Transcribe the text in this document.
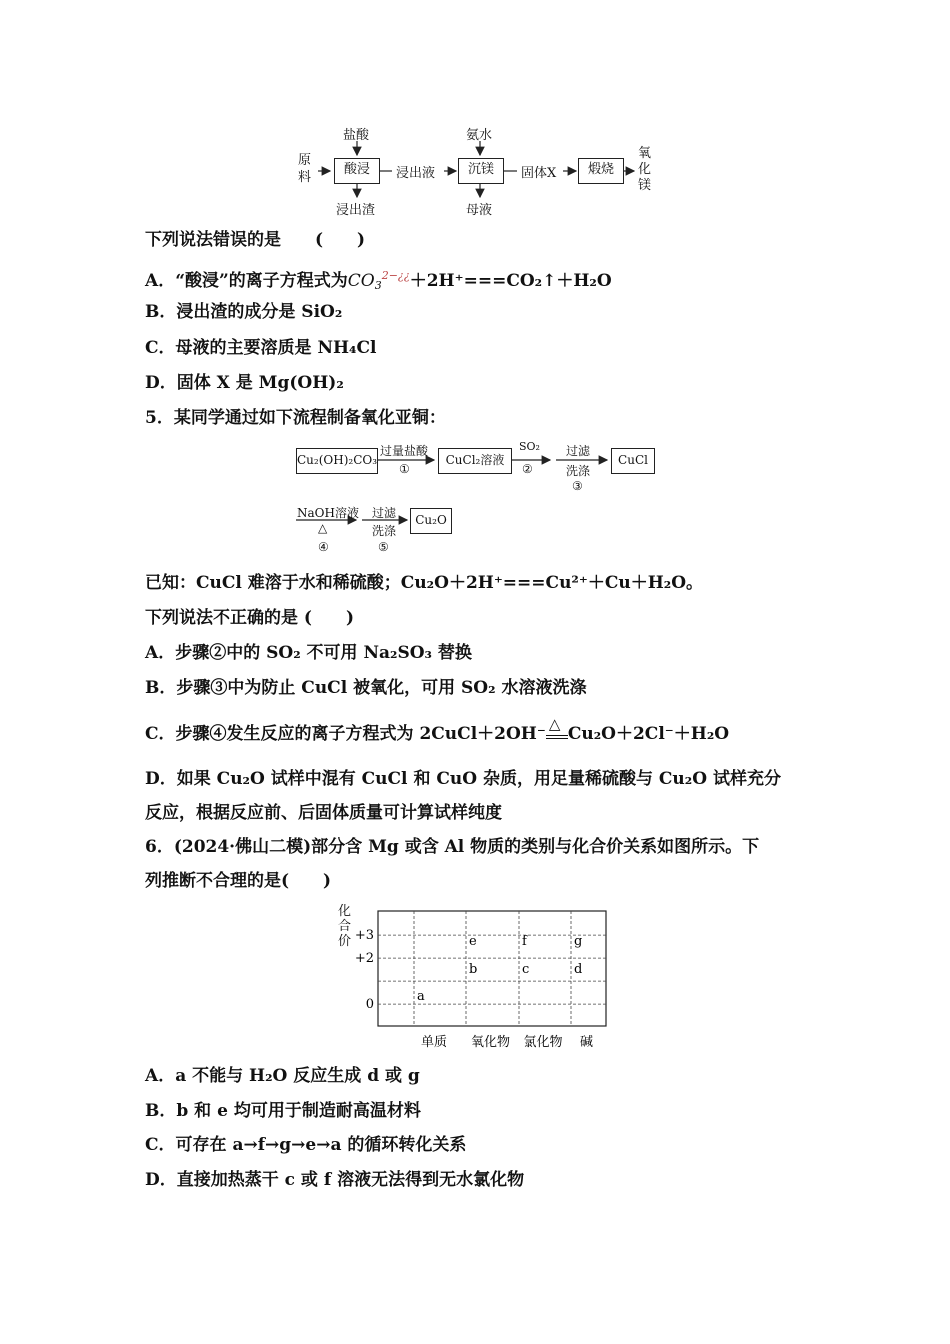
原料
盐酸
酸浸
浸出渣
浸出液
氨水
沉镁
母液
固体X	煅烧
氧化镁
下列说法错误的是　　(　　)
A．“酸浸”的离子方程式为$CO_3^{2-¿¿}+2H^+===CO_2↑+H_2O$
B．浸出渣的成分是 SiO₂
C．母液的主要溶质是 NH₄Cl
D．固体 X 是 Mg(OH)₂
5．某同学通过如下流程制备氧化亚铜：
Cu₂(OH)₂CO₃
过量盐酸
①
CuCl₂溶液
SO₂
②
过滤
洗涤
③
CuCl
NaOH溶液
△
④
过滤
洗涤
⑤
Cu₂O
已知：CuCl 难溶于水和稀硫酸；Cu₂O＋2H⁺===Cu²⁺＋Cu＋H₂O。
下列说法不正确的是 (　　)
A．步骤②中的 SO₂ 不可用 Na₂SO₃ 替换
B．步骤③中为防止 CuCl 被氧化，可用 SO₂ 水溶液洗涤
C．步骤④发生反应的离子方程式为 2CuCl＋2OH⁻ △ Cu₂O＋2Cl⁻＋H₂O
D．如果 Cu₂O 试样中混有 CuCl 和 CuO 杂质，用足量稀硫酸与 Cu₂O 试样充分
反应，根据反应前、后固体质量可计算试样纯度
6．(2024·佛山二模)部分含 Mg 或含 Al 物质的类别与化合价关系如图所示。下
列推断不合理的是(　　)
化合价
0
+2
+3
单质 氧化物 氯化物 碱
a
b
e
c
f
d
g
A．a 不能与 H₂O 反应生成 d 或 g
B．b 和 e 均可用于制造耐高温材料
C．可存在 a→f→g→e→a 的循环转化关系
D．直接加热蒸干 c 或 f 溶液无法得到无水氯化物
